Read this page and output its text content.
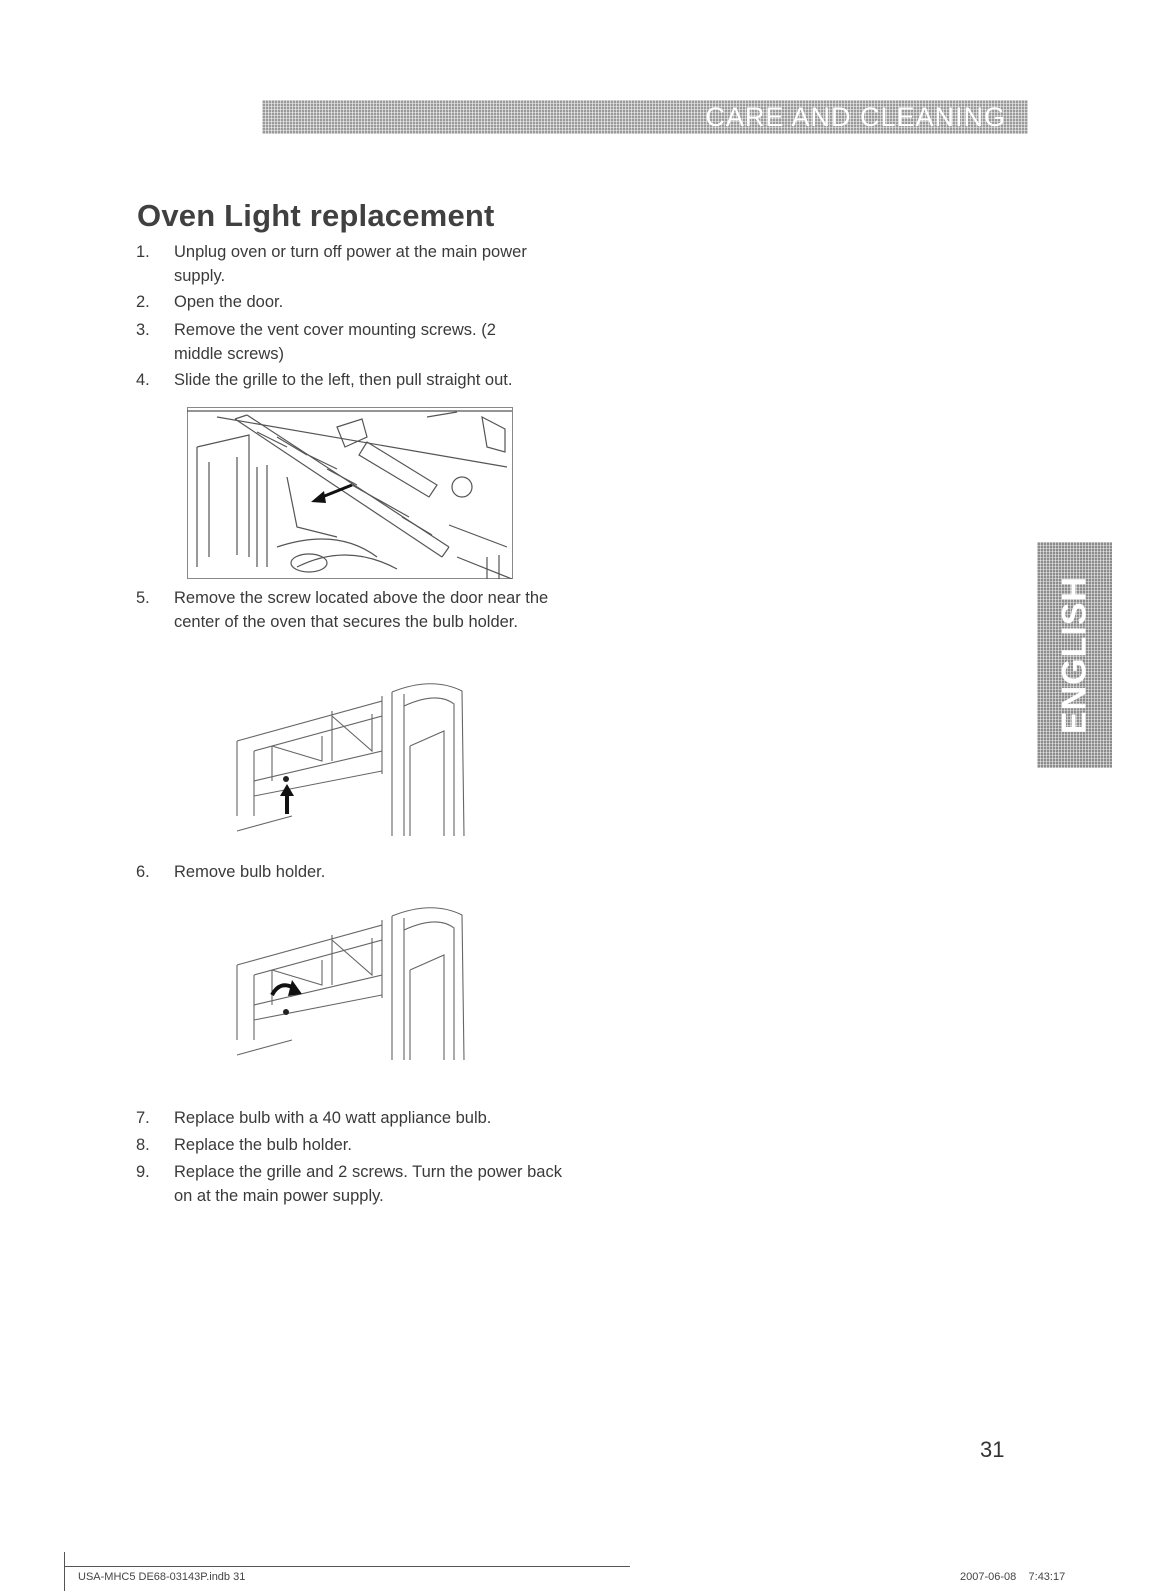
CARE AND CLEANING
ENGLISH
Oven Light replacement
1.	Unplug oven or turn off power at the main power supply.
2.	Open the door.
3.	Remove the vent cover mounting screws. (2 middle screws)
4.	Slide the grille to the left, then pull straight out.
5.	Remove the screw located above the door near the center of the oven that secures the bulb holder.
6.	Remove bulb holder.
7.	Replace bulb with a 40 watt appliance bulb.
8.	Replace the bulb holder.
9.	Replace the grille and 2 screws. Turn the power back on at the main power supply.
31
USA-MHC5 DE68-03143P.indb 31	2007-06-08 7:43:17
